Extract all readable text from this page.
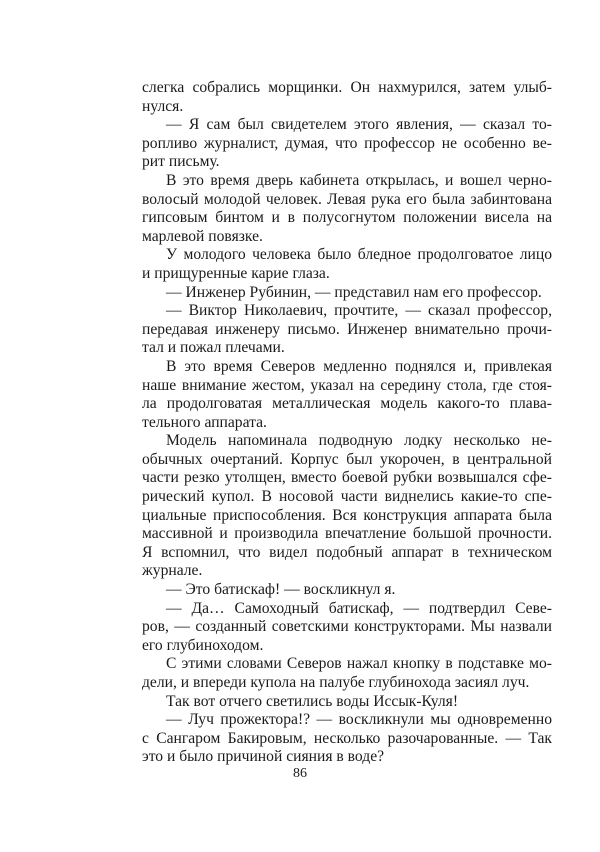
слегка собрались морщинки. Он нахмурился, затем улыб-
нулся.
— Я сам был свидетелем этого явления, — сказал то-
ропливо журналист, думая, что профессор не особенно ве-
рит письму.
В это время дверь кабинета открылась, и вошел черно-
волосый молодой человек. Левая рука его была забинтована
гипсовым бинтом и в полусогнутом положении висела на
марлевой повязке.
У молодого человека было бледное продолговатое лицо
и прищуренные карие глаза.
— Инженер Рубинин, — представил нам его профессор.
— Виктор Николаевич, прочтите, — сказал профессор,
передавая инженеру письмо. Инженер внимательно прочи-
тал и пожал плечами.
В это время Северов медленно поднялся и, привлекая
наше внимание жестом, указал на середину стола, где стоя-
ла продолговатая металлическая модель какого-то плава-
тельного аппарата.
Модель напоминала подводную лодку несколько не-
обычных очертаний. Корпус был укорочен, в центральной
части резко утолщен, вместо боевой рубки возвышался сфе-
рический купол. В носовой части виднелись какие-то спе-
циальные приспособления. Вся конструкция аппарата была
массивной и производила впечатление большой прочности.
Я вспомнил, что видел подобный аппарат в техническом
журнале.
— Это батискаф! — воскликнул я.
— Да… Самоходный батискаф, — подтвердил Севе-
ров, — созданный советскими конструкторами. Мы назвали
его глубиноходом.
С этими словами Северов нажал кнопку в подставке мо-
дели, и впереди купола на палубе глубинохода засиял луч.
Так вот отчего светились воды Иссык-Куля!
— Луч прожектора!? — воскликнули мы одновременно
с Сангаром Бакировым, несколько разочарованные. — Так
это и было причиной сияния в воде?
86
